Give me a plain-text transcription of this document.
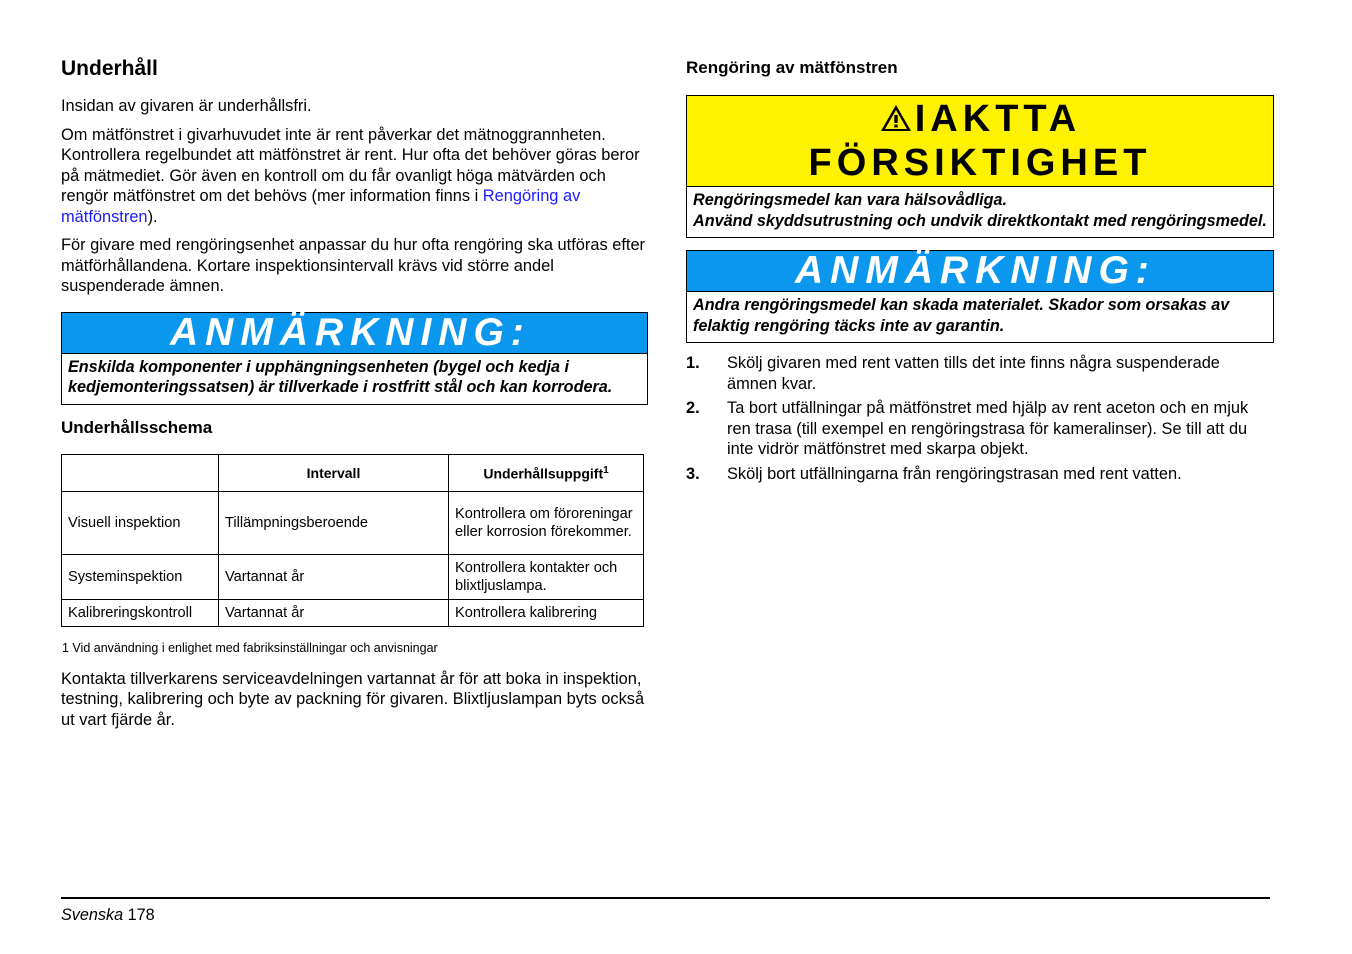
Underhåll

Insidan av givaren är underhållsfri.

Om mätfönstret i givarhuvudet inte är rent påverkar det mätnoggrannheten. Kontrollera regelbundet att mätfönstret är rent. Hur ofta det behöver göras beror på mätmediet. Gör även en kontroll om du får ovanligt höga mätvärden och rengör mätfönstret om det behövs (mer information finns i Rengöring av mätfönstren).

För givare med rengöringsenhet anpassar du hur ofta rengöring ska utföras efter mätförhållandena. Kortare inspektionsintervall krävs vid större andel suspenderade ämnen.

ANMÄRKNING:
Enskilda komponenter i upphängningsenheten (bygel och kedja i kedjemonteringssatsen) är tillverkade i rostfritt stål och kan korrodera.
Underhållsschema
	Intervall	Underhållsuppgift$^1$
Visuell inspektion	Tillämpningsberoende	Kontrollera om föroreningar eller korrosion förekommer.
Systeminspektion	Vartannat år	Kontrollera kontakter och blixtljuslampa.
Kalibreringskontroll	Vartannat år	Kontrollera kalibrering
1 Vid användning i enlighet med fabriksinställningar och anvisningar

Kontakta tillverkarens serviceavdelningen vartannat år för att boka in inspektion, testning, kalibrering och byte av packning för givaren. Blixtljuslampan byts också ut vart fjärde år.

Rengöring av mätfönstren
IAKTTA
FÖRSIKTIGHET
Rengöringsmedel kan vara hälsovådliga.
Använd skyddsutrustning och undvik direktkontakt med rengöringsmedel.
ANMÄRKNING:
Andra rengöringsmedel kan skada materialet. Skador som orsakas av felaktig rengöring täcks inte av garantin.
1. Skölj givaren med rent vatten tills det inte finns några suspenderade ämnen kvar.
2. Ta bort utfällningar på mätfönstret med hjälp av rent aceton och en mjuk ren trasa (till exempel en rengöringstrasa för kameralinser). Se till att du inte vidrör mätfönstret med skarpa objekt.
3. Skölj bort utfällningarna från rengöringstrasan med rent vatten.
Svenska 178
